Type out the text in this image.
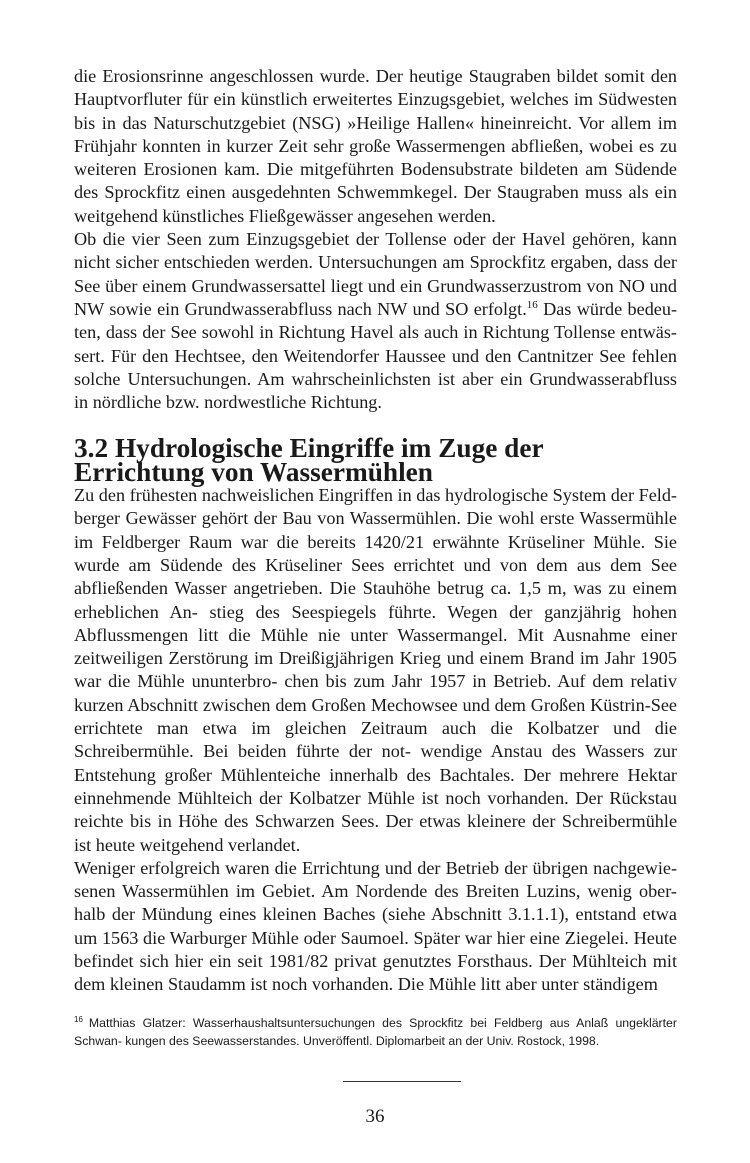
die Erosionsrinne angeschlossen wurde. Der heutige Staugraben bildet somit den Hauptvorfluter für ein künstlich erweitertes Einzugsgebiet, welches im Südwesten bis in das Naturschutzgebiet (NSG) »Heilige Hallen« hineinreicht. Vor allem im Frühjahr konnten in kurzer Zeit sehr große Wassermengen abfließen, wobei es zu weiteren Erosionen kam. Die mitgeführten Bodensubstrate bildeten am Südende des Sprockfitz einen ausgedehnten Schwemmkegel. Der Staugraben muss als ein weitgehend künstliches Fließgewässer angesehen werden.

Ob die vier Seen zum Einzugsgebiet der Tollense oder der Havel gehören, kann nicht sicher entschieden werden. Untersuchungen am Sprockfitz ergaben, dass der See über einem Grundwassersattel liegt und ein Grundwasserzustrom von NO und NW sowie ein Grundwasserabfluss nach NW und SO erfolgt.$^{16}$ Das würde bedeu- ten, dass der See sowohl in Richtung Havel als auch in Richtung Tollense entwäs- sert. Für den Hechtsee, den Weitendorfer Haussee und den Cantnitzer See fehlen solche Untersuchungen. Am wahrscheinlichsten ist aber ein Grundwasserabfluss in nördliche bzw. nordwestliche Richtung.

3.2 Hydrologische Eingriffe im Zuge der Errichtung von Wassermühlen

Zu den frühesten nachweislichen Eingriffen in das hydrologische System der Feld- berger Gewässer gehört der Bau von Wassermühlen. Die wohl erste Wassermühle im Feldberger Raum war die bereits 1420/21 erwähnte Krüseliner Mühle. Sie wurde am Südende des Krüseliner Sees errichtet und von dem aus dem See abfließenden Wasser angetrieben. Die Stauhöhe betrug ca. 1,5 m, was zu einem erheblichen An- stieg des Seespiegels führte. Wegen der ganzjährig hohen Abflussmengen litt die Mühle nie unter Wassermangel. Mit Ausnahme einer zeitweiligen Zerstörung im Dreißigjährigen Krieg und einem Brand im Jahr 1905 war die Mühle ununterbro- chen bis zum Jahr 1957 in Betrieb. Auf dem relativ kurzen Abschnitt zwischen dem Großen Mechowsee und dem Großen Küstrin-See errichtete man etwa im gleichen Zeitraum auch die Kolbatzer und die Schreibermühle. Bei beiden führte der not- wendige Anstau des Wassers zur Entstehung großer Mühlenteiche innerhalb des Bachtales. Der mehrere Hektar einnehmende Mühlteich der Kolbatzer Mühle ist noch vorhanden. Der Rückstau reichte bis in Höhe des Schwarzen Sees. Der etwas kleinere der Schreibermühle ist heute weitgehend verlandet.

Weniger erfolgreich waren die Errichtung und der Betrieb der übrigen nachgewie- senen Wassermühlen im Gebiet. Am Nordende des Breiten Luzins, wenig ober- halb der Mündung eines kleinen Baches (siehe Abschnitt 3.1.1.1), entstand etwa um 1563 die Warburger Mühle oder Saumoel. Später war hier eine Ziegelei. Heute befindet sich hier ein seit 1981/82 privat genutztes Forsthaus. Der Mühlteich mit dem kleinen Staudamm ist noch vorhanden. Die Mühle litt aber unter ständigem

$^{16}$ Matthias Glatzer: Wasserhaushaltsuntersuchungen des Sprockfitz bei Feldberg aus Anlaß ungeklärter Schwan- kungen des Seewasserstandes. Unveröffentl. Diplomarbeit an der Univ. Rostock, 1998.

36
